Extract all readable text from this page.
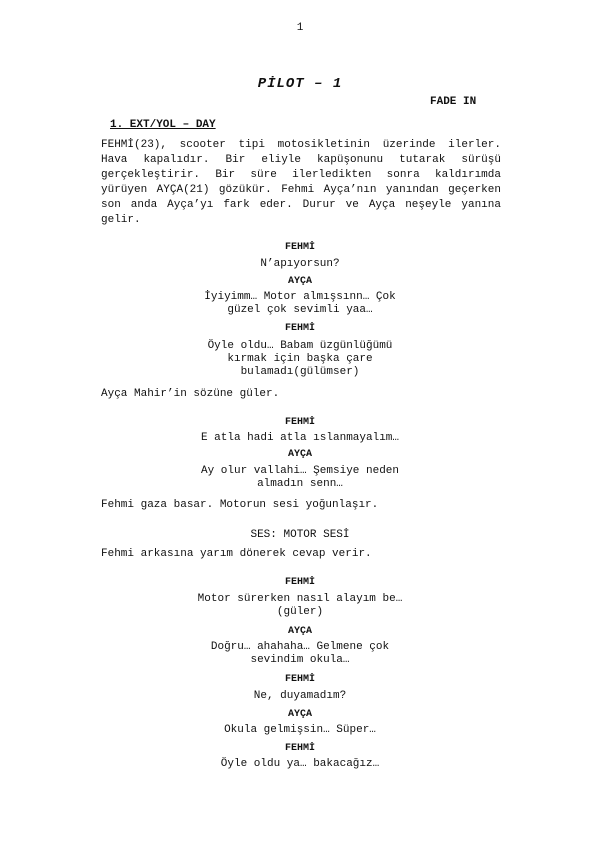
1
PİLOT – 1
FADE IN
1. EXT/YOL – DAY

FEHMİ(23), scooter tipi motosikletinin üzerinde ilerler. Hava kapalıdır. Bir eliyle kapüşonunu tutarak sürüşü gerçekleştirir. Bir süre ilerledikten sonra kaldırımda yürüyen AYÇA(21) gözükür. Fehmi Ayça’nın yanından geçerken son anda Ayça’yı fark eder. Durur ve Ayça neşeyle yanına gelir.

FEHMİ
N’apıyorsun?
AYÇA
İyiyimm… Motor almışsınn… Çok güzel çok sevimli yaa…
FEHMİ
Öyle oldu… Babam üzgünlüğümü kırmak için başka çare bulamadı(gülümser)

Ayça Mahir’in sözüne güler.

FEHMİ
E atla hadi atla ıslanmayalım…
AYÇA
Ay olur vallahi… Şemsiye neden almadın senn…

Fehmi gaza basar. Motorun sesi yoğunlaşır.

SES: MOTOR SESİ

Fehmi arkasına yarım dönerek cevap verir.

FEHMİ
Motor sürerken nasıl alayım be…(güler)
AYÇA
Doğru… ahahaha… Gelmene çok sevindim okula…
FEHMİ
Ne, duyamadım?
AYÇA
Okula gelmişsin… Süper…
FEHMİ
Öyle oldu ya… bakacağız…
